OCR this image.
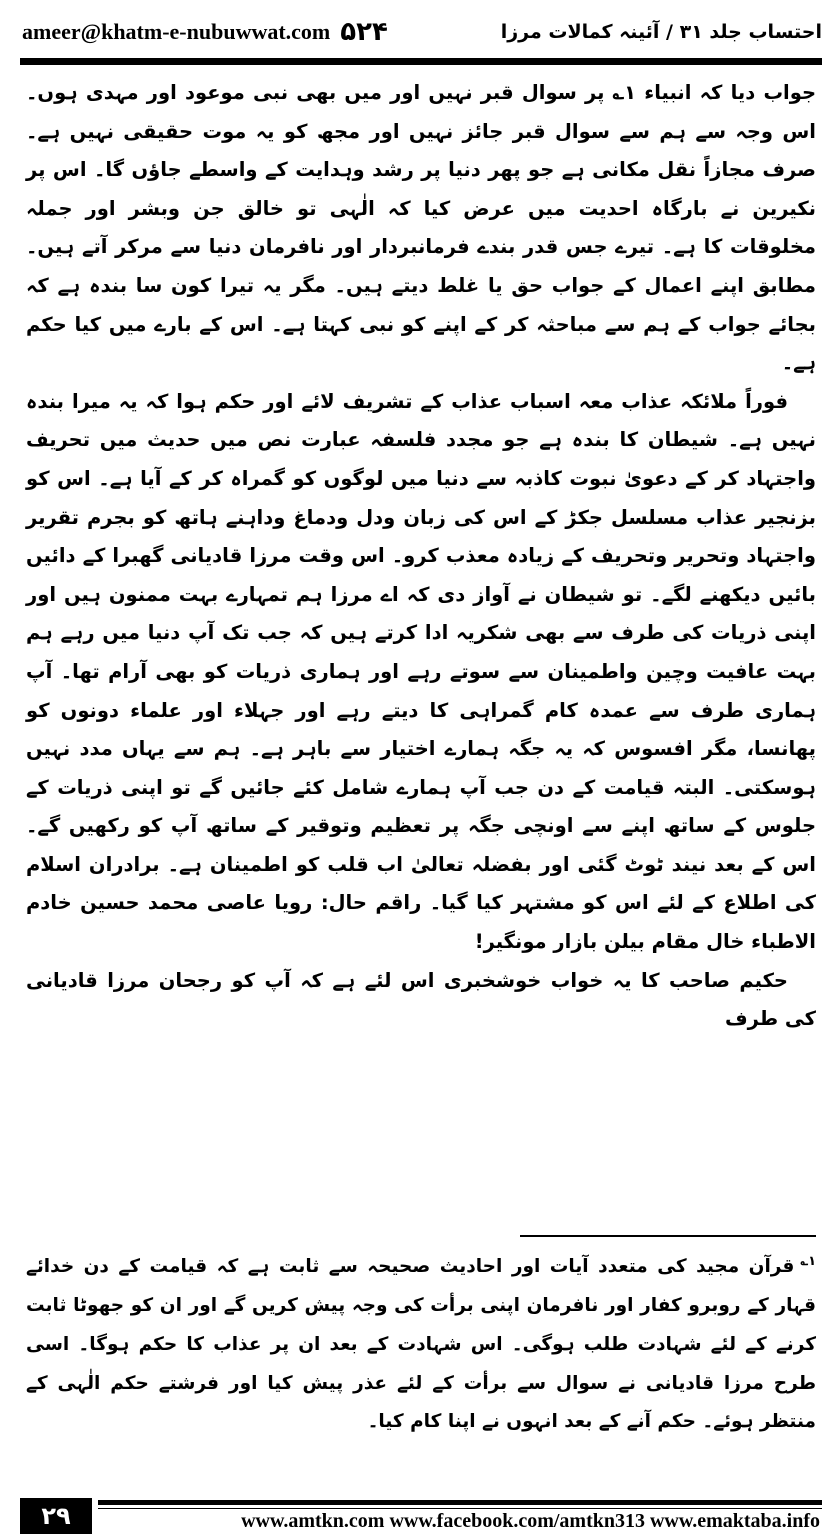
ameer@khatm-e-nubuwwat.com ۵۲۴	احتساب جلد ۳۱ / آئینہ کمالات مرزا

جواب دیا کہ انبیاء ۱؎ پر سوال قبر نہیں اور میں بھی نبی موعود اور مہدی ہوں۔ اس وجہ سے ہم سے سوال قبر جائز نہیں اور مجھ کو یہ موت حقیقی نہیں ہے۔ صرف مجازاً نقل مکانی ہے جو پھر دنیا پر رشد وہدایت کے واسطے جاؤں گا۔ اس پر نکیرین نے بارگاہ احدیت میں عرض کیا کہ الٰہی تو خالق جن وبشر اور جملہ مخلوقات کا ہے۔ تیرے جس قدر بندے فرمانبردار اور نافرمان دنیا سے مرکر آتے ہیں۔ مطابق اپنے اعمال کے جواب حق یا غلط دیتے ہیں۔ مگر یہ تیرا کون سا بندہ ہے کہ بجائے جواب کے ہم سے مباحثہ کر کے اپنے کو نبی کہتا ہے۔ اس کے بارے میں کیا حکم ہے۔

فوراً ملائکہ عذاب معہ اسباب عذاب کے تشریف لائے اور حکم ہوا کہ یہ میرا بندہ نہیں ہے۔ شیطان کا بندہ ہے جو مجدد فلسفہ عبارت نص میں حدیث میں تحریف واجتہاد کر کے دعویٰ نبوت کاذبہ سے دنیا میں لوگوں کو گمراہ کر کے آیا ہے۔ اس کو بزنجیر عذاب مسلسل جکڑ کے اس کی زبان ودل ودماغ وداہنے ہاتھ کو بجرم تقریر واجتہاد وتحریر وتحریف کے زیادہ معذب کرو۔ اس وقت مرزا قادیانی گھبرا کے دائیں بائیں دیکھنے لگے۔ تو شیطان نے آواز دی کہ اے مرزا ہم تمہارے بہت ممنون ہیں اور اپنی ذریات کی طرف سے بھی شکریہ ادا کرتے ہیں کہ جب تک آپ دنیا میں رہے ہم بہت عافیت وچین واطمینان سے سوتے رہے اور ہماری ذریات کو بھی آرام تھا۔ آپ ہماری طرف سے عمدہ کام گمراہی کا دیتے رہے اور جہلاء اور علماء دونوں کو پھانسا، مگر افسوس کہ یہ جگہ ہمارے اختیار سے باہر ہے۔ ہم سے یہاں مدد نہیں ہوسکتی۔ البتہ قیامت کے دن جب آپ ہمارے شامل کئے جائیں گے تو اپنی ذریات کے جلوس کے ساتھ اپنے سے اونچی جگہ پر تعظیم وتوقیر کے ساتھ آپ کو رکھیں گے۔ اس کے بعد نیند ٹوٹ گئی اور بفضلہ تعالیٰ اب قلب کو اطمینان ہے۔ برادران اسلام کی اطلاع کے لئے اس کو مشتہر کیا گیا۔ راقم حال: رویا عاصی محمد حسین خادم الاطباء خال مقام بیلن بازار مونگیر!

حکیم صاحب کا یہ خواب خوشخبری اس لئے ہے کہ آپ کو رجحان مرزا قادیانی کی طرف

$^{۱؎}$قرآن مجید کی متعدد آیات اور احادیث صحیحہ سے ثابت ہے کہ قیامت کے دن خدائے قہار کے روبرو کفار اور نافرمان اپنی برأت کی وجہ پیش کریں گے اور ان کو جھوٹا ثابت کرنے کے لئے شہادت طلب ہوگی۔ اس شہادت کے بعد ان پر عذاب کا حکم ہوگا۔ اسی طرح مرزا قادیانی نے سوال سے برأت کے لئے عذر پیش کیا اور فرشتے حکم الٰہی کے منتظر ہوئے۔ حکم آنے کے بعد انہوں نے اپنا کام کیا۔

۲۹	www.amtkn.com www.facebook.com/amtkn313 www.emaktaba.info
